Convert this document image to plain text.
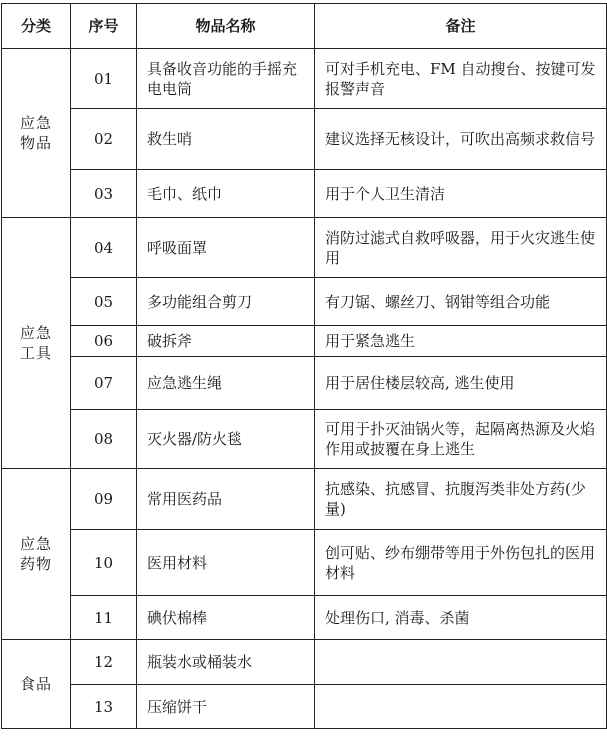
分类	序号	物品名称	备注
应急物品	01	具备收音功能的手摇充电电筒	可对手机充电、FM 自动搜台、按键可发报警声音
	02	救生哨	建议选择无核设计，可吹出高频求救信号
	03	毛巾、纸巾	用于个人卫生清洁
应急工具	04	呼吸面罩	消防过滤式自救呼吸器，用于火灾逃生使用
	05	多功能组合剪刀	有刀锯、螺丝刀、钢钳等组合功能
	06	破拆斧	用于紧急逃生
	07	应急逃生绳	用于居住楼层较高, 逃生使用
	08	灭火器/防火毯	可用于扑灭油锅火等，起隔离热源及火焰作用或披覆在身上逃生
应急药物	09	常用医药品	抗感染、抗感冒、抗腹泻类非处方药(少量)
	10	医用材料	创可贴、纱布绷带等用于外伤包扎的医用材料
	11	碘伏棉棒	处理伤口, 消毒、杀菌
食品	12	瓶装水或桶装水	
	13	压缩饼干	
